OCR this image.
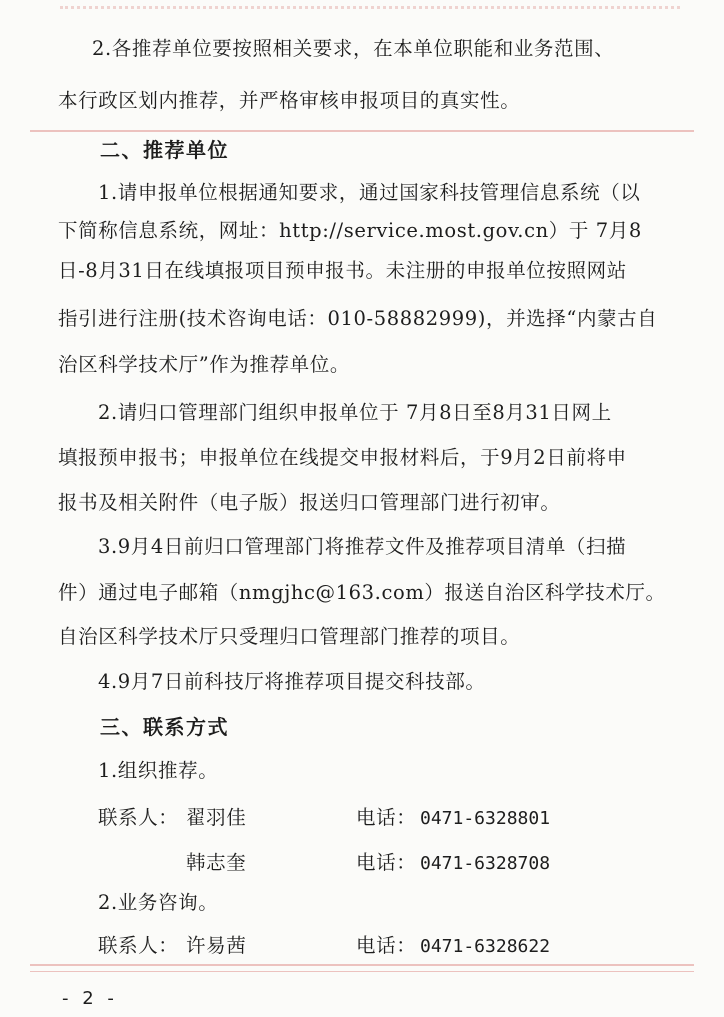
2.各推荐单位要按照相关要求，在本单位职能和业务范围、
本行政区划内推荐，并严格审核申报项目的真实性。
二、推荐单位
1.请申报单位根据通知要求，通过国家科技管理信息系统（以
下简称信息系统，网址：http://service.most.gov.cn）于 7月8
日-8月31日在线填报项目预申报书。未注册的申报单位按照网站
指引进行注册(技术咨询电话：010-58882999)，并选择“内蒙古自
治区科学技术厅”作为推荐单位。
2.请归口管理部门组织申报单位于 7月8日至8月31日网上
填报预申报书；申报单位在线提交申报材料后，于9月2日前将申
报书及相关附件（电子版）报送归口管理部门进行初审。
3.9月4日前归口管理部门将推荐文件及推荐项目清单（扫描
件）通过电子邮箱（nmgjhc@163.com）报送自治区科学技术厅。
自治区科学技术厅只受理归口管理部门推荐的项目。
4.9月7日前科技厅将推荐项目提交科技部。
三、联系方式
1.组织推荐。
联系人： 翟羽佳	电话： 0471-6328801
韩志奎	电话： 0471-6328708
2.业务咨询。
联系人： 许易茜	电话： 0471-6328622
- 2 -
